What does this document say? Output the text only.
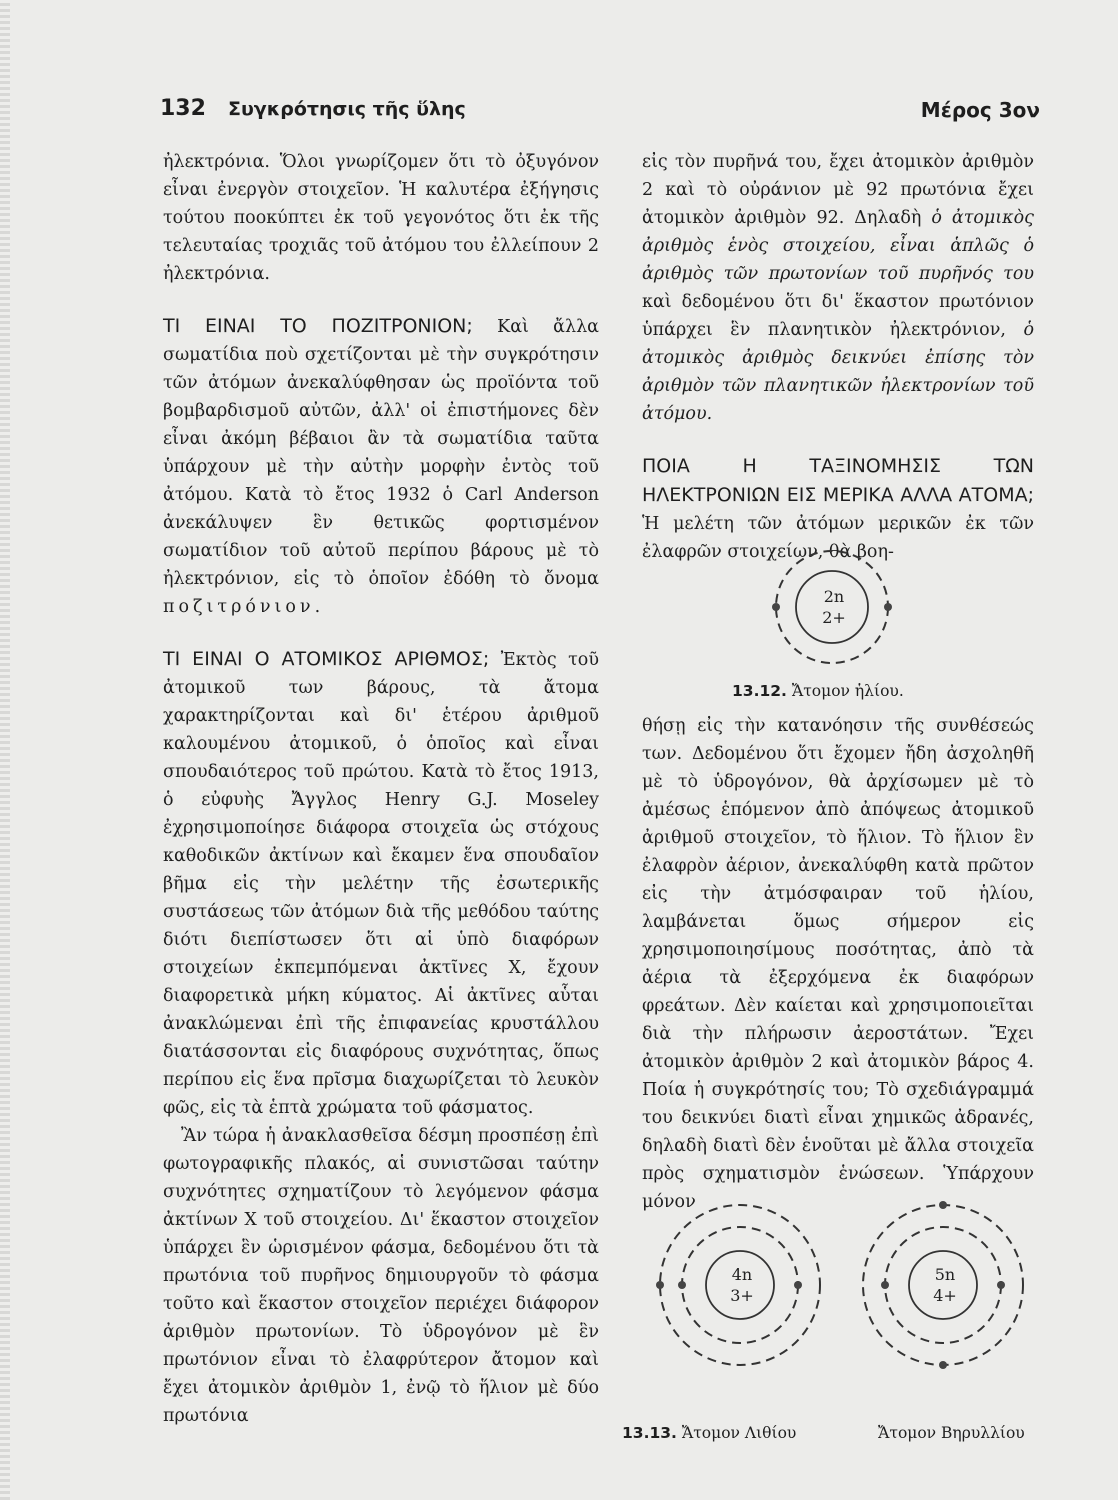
132 Συγκρότησις τῆς ὕλης	Μέρος 3ον

ἠλεκτρόνια. Ὅλοι γνωρίζομεν ὅτι τὸ ὀξυγόνον εἶναι ἐνεργὸν στοιχεῖον. Ἡ καλυτέρα ἐξήγησις τούτου ποοκύπτει ἐκ τοῦ γεγονότος ὅτι ἐκ τῆς τελευταίας τροχιᾶς τοῦ ἀτόμου του ἐλλείπουν 2 ἠλεκτρόνια.

ΤΙ ΕΙΝΑΙ ΤΟ ΠΟΖΙΤΡΟΝΙΟΝ; Καὶ ἄλλα σωματίδια ποὺ σχετίζονται μὲ τὴν συγκρότησιν τῶν ἀτόμων ἀνεκαλύφθησαν ὡς προϊόντα τοῦ βομβαρδισμοῦ αὐτῶν, ἀλλ' οἱ ἐπιστήμονες δὲν εἶναι ἀκόμη βέβαιοι ἂν τὰ σωματίδια ταῦτα ὑπάρχουν μὲ τὴν αὐτὴν μορφὴν ἐντὸς τοῦ ἀτόμου. Κατὰ τὸ ἔτος 1932 ὁ Carl Anderson ἀνεκάλυψεν ἓν θετικῶς φορτισμένον σωματίδιον τοῦ αὐτοῦ περίπου βάρους μὲ τὸ ἠλεκτρόνιον, εἰς τὸ ὁποῖον ἐδόθη τὸ ὄνομα ποζιτρόνιον.

ΤΙ ΕΙΝΑΙ Ο ΑΤΟΜΙΚΟΣ ΑΡΙΘΜΟΣ; Ἐκτὸς τοῦ ἀτομικοῦ των βάρους, τὰ ἄτομα χαρακτηρίζονται καὶ δι' ἑτέρου ἀριθμοῦ καλουμένου ἀτομικοῦ, ὁ ὁποῖος καὶ εἶναι σπουδαιότερος τοῦ πρώτου. Κατὰ τὸ ἔτος 1913, ὁ εὐφυὴς Ἄγγλος Henry G.J. Moseley ἐχρησιμοποίησε διάφορα στοιχεῖα ὡς στόχους καθοδικῶν ἀκτίνων καὶ ἔκαμεν ἕνα σπουδαῖον βῆμα εἰς τὴν μελέτην τῆς ἐσωτερικῆς συστάσεως τῶν ἀτόμων διὰ τῆς μεθόδου ταύτης διότι διεπίστωσεν ὅτι αἱ ὑπὸ διαφόρων στοιχείων ἐκπεμπόμεναι ἀκτῖνες Χ, ἔχουν διαφορετικὰ μήκη κύματος. Αἱ ἀκτῖνες αὗται ἀνακλώμεναι ἐπὶ τῆς ἐπιφανείας κρυστάλλου διατάσσονται εἰς διαφόρους συχνότητας, ὅπως περίπου εἰς ἕνα πρῖσμα διαχωρίζεται τὸ λευκὸν φῶς, εἰς τὰ ἑπτὰ χρώματα τοῦ φάσματος.

Ἂν τώρα ἡ ἀνακλασθεῖσα δέσμη προσπέσῃ ἐπὶ φωτογραφικῆς πλακός, αἱ συνιστῶσαι ταύτην συχνότητες σχηματίζουν τὸ λεγόμενον φάσμα ἀκτίνων Χ τοῦ στοιχείου. Δι' ἕκαστον στοιχεῖον ὑπάρχει ἓν ὡρισμένον φάσμα, δεδομένου ὅτι τὰ πρωτόνια τοῦ πυρῆνος δημιουργοῦν τὸ φάσμα τοῦτο καὶ ἕκαστον στοιχεῖον περιέχει διάφορον ἀριθμὸν πρωτονίων. Τὸ ὑδρογόνον μὲ ἓν πρωτόνιον εἶναι τὸ ἐλαφρύτερον ἄτομον καὶ ἔχει ἀτομικὸν ἀριθμὸν 1, ἐνῷ τὸ ἥλιον μὲ δύο πρωτόνια

εἰς τὸν πυρῆνά του, ἔχει ἀτομικὸν ἀριθμὸν 2 καὶ τὸ οὐράνιον μὲ 92 πρωτόνια ἔχει ἀτομικὸν ἀριθμὸν 92. Δηλαδὴ ὁ ἀτομικὸς ἀριθμὸς ἑνὸς στοιχείου, εἶναι ἁπλῶς ὁ ἀριθμὸς τῶν πρωτονίων τοῦ πυρῆνός του καὶ δεδομένου ὅτι δι' ἕκαστον πρωτόνιον ὑπάρχει ἓν πλανητικὸν ἠλεκτρόνιον, ὁ ἀτομικὸς ἀριθμὸς δεικνύει ἐπίσης τὸν ἀριθμὸν τῶν πλανητικῶν ἠλεκτρονίων τοῦ ἀτόμου.

ΠΟΙΑ Η ΤΑΞΙΝΟΜΗΣΙΣ ΤΩΝ ΗΛΕΚΤΡΟΝΙΩΝ ΕΙΣ ΜΕΡΙΚΑ ΑΛΛΑ ΑΤΟΜΑ; Ἡ μελέτη τῶν ἀτόμων μερικῶν ἐκ τῶν ἐλαφρῶν στοιχείων, θὰ βοη-

2n
2+
13.12. Ἄτομον ἡλίου.

θήσῃ εἰς τὴν κατανόησιν τῆς συνθέσεώς των. Δεδομένου ὅτι ἔχομεν ἤδη ἀσχοληθῆ μὲ τὸ ὑδρογόνον, θὰ ἀρχίσωμεν μὲ τὸ ἀμέσως ἑπόμενον ἀπὸ ἀπόψεως ἀτομικοῦ ἀριθμοῦ στοιχεῖον, τὸ ἥλιον. Τὸ ἥλιον ἓν ἐλαφρὸν ἀέριον, ἀνεκαλύφθη κατὰ πρῶτον εἰς τὴν ἀτμόσφαιραν τοῦ ἡλίου, λαμβάνεται ὅμως σήμερον εἰς χρησιμοποιησίμους ποσότητας, ἀπὸ τὰ ἀέρια τὰ ἐξερχόμενα ἐκ διαφόρων φρεάτων. Δὲν καίεται καὶ χρησιμοποιεῖται διὰ τὴν πλήρωσιν ἀεροστάτων. Ἔχει ἀτομικὸν ἀριθμὸν 2 καὶ ἀτομικὸν βάρος 4. Ποία ἡ συγκρότησίς του; Τὸ σχεδιάγραμμά του δεικνύει διατὶ εἶναι χημικῶς ἀδρανές, δηλαδὴ διατὶ δὲν ἑνοῦται μὲ ἄλλα στοιχεῖα πρὸς σχηματισμὸν ἑνώσεων. Ὑπάρχουν μόνον

4n
3+
5n
4+
13.13. Ἄτομον Λιθίου	Ἄτομον Βηρυλλίου
